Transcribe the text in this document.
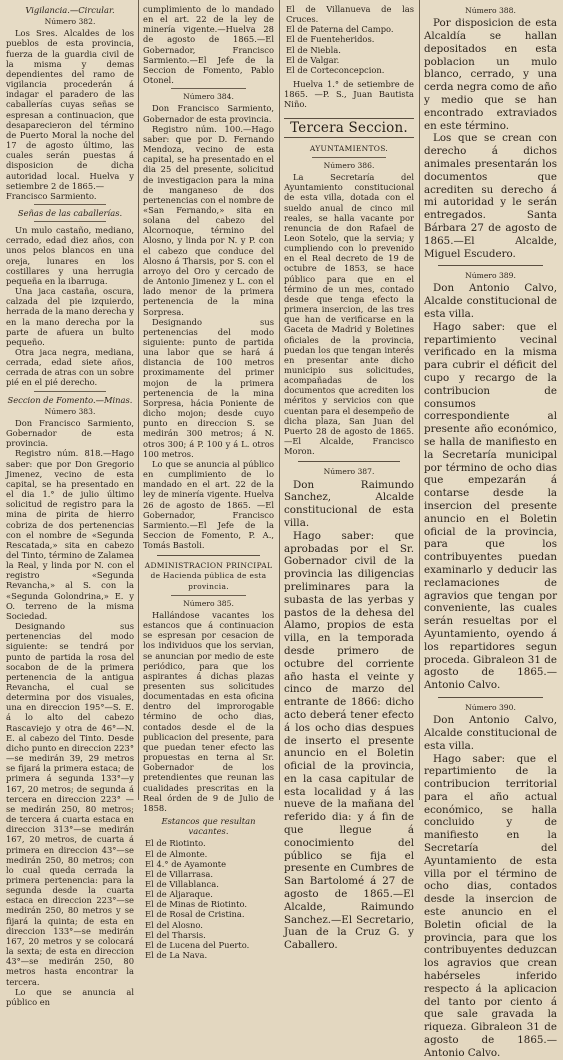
Vigilancia.—Circular.
Número 382.

Los Sres. Alcaldes de los pueblos de esta provincia, fuerza de la guardia civil de la misma y demas dependientes del ramo de vigilancia procederán á indagar el paradero de las caballerías cuyas señas se espresan a continuacion, que desaparecieron del término de Puerto Moral la noche del 17 de agosto último, las cuales serán puestas á disposicion de dicha autoridad local. Huelva y setiembre 2 de 1865.—

Francisco Sarmiento.

Señas de las caballerías.

Un mulo castaño, mediano, cerrado, edad diez años, con unos pelos blancos en una oreja, lunares en los costillares y una herrugia pequeña en la ibarruga.

Una jaca castaña, oscura, calzada del pie izquierdo, herrada de la mano derecha y en la mano derecha por la parte de afuera un bulto pequeño.

Otra jaca negra, mediana, cerrada, edad siete años, cerrada de atras con un sobre pié en el pié derecho.

Seccion de Fomento.—Minas.
Número 383.

Don Francisco Sarmiento, Gobernador de esta provincia.

Registro núm. 818.—Hago saber: que por Don Gregorio Jimenez, vecino de esta capital, se ha presentado en el dia 1.° de julio último solicitud de registro para la mina de pirita de hierro cobriza de dos pertenencias con el nombre de «Segunda Rescatada,» sita en cabezo del Tinto, término de Zalamea la Real, y linda por N. con el registro «Segunda Revancha,» al S. con la «Segunda Golondrina,» E. y O. terreno de la misma Sociedad.

Designando sus pertenencias del modo siguiente: se tendrá por punto de partida la rosa del socabon de de la primera pertenencia de la antigua Revancha, el cual se determina por dos visuales, una en direccion 195°—S. E. á lo alto del cabezo Rascaviejo y otra de 46°—N. E. al cabezo del Tinto. Desde dicho punto en direccion 223°—se medirán 39, 29 metros se fijará la primera estaca; de primera á segunda 133°—y 167, 20 metros; de segunda á tercera en direccion 223° —se medirán 250, 80 metros; de tercera á cuarta estaca en direccion 313°—se medirán 167, 20 metros, de cuarta á primera en direccion 43°—se medirán 250, 80 metros; con lo cual queda cerrada la primera pertenencia: para la segunda desde la cuarta estaca en direccion 223°—se medirán 250, 80 metros y se fijará la quinta; de esta en direccion 133°—se medirán 167, 20 metros y se colocará la sexta; de esta en direccion 43°—se medirán 250, 80 metros hasta encontrar la tercera.

Lo que se anuncia al público en

cumplimiento de lo mandado en el art. 22 de la ley de minería vigente.—Huelva 28 de agosto de 1865.—El Gobernador, Francisco Sarmiento.—El Jefe de la Seccion de Fomento, Pablo Otonel.

Número 384.

Don Francisco Sarmiento, Gobernador de esta provincia.

Registro núm. 100.—Hago saber: que por D. Fernando Mendoza, vecino de esta capital, se ha presentado en el dia 25 del presente, solicitud de investigacion para la mina de manganeso de dos pertenencias con el nombre de «San Fernando,» sita en solana del cabezo del Alcornoque, término del Alosno, y linda por N. y P. con el cabezo que conduce del Alosno á Tharsis, por S. con el arroyo del Oro y cercado de de Antonio Jimenez y L. con el lado menor de la primera pertenencia de la mina Sorpresa.

Designando sus pertenencias del modo siguiente: punto de partida una labor que se hará á distancia de 100 metros proximamente del primer mojon de la primera pertenencia de la mina Sorpresa, hácia Poniente de dicho mojon; desde cuyo punto en direccion S. se medirán 300 metros; á N. otros 300; á P. 100 y á L. otros 100 metros.

Lo que se anuncia al público en cumplimiento de lo mandado en el art. 22 de la ley de minería vigente. Huelva 26 de agosto de 1865. —El Gobernador, Francisco Sarmiento.—El Jefe de la Seccion de Fomento, P. A., Tomás Bastoli.

ADMINISTRACION PRINCIPAL de Hacienda pública de esta provincia.
Número 385.

Hallándose vacantes los estancos que á continuacion se espresan por cesacion de los individuos que los servian, se anuncian por medio de este periódico, para que los aspirantes á dichas plazas presenten sus solicitudes documentadas en esta oficina dentro del improrogable término de ocho dias, contados desde el de la publicacion del presente, para que puedan tener efecto las propuestas en terna al Sr. Gobernador de los pretendientes que reunan las cualidades prescritas en la Real órden de 9 de Julio de 1858.

Estancos que resultan vacantes.
El de Riotinto.
El de Almonte.
El 4.° de Ayamonte
El de Villarrasa.
El de Villablanca.
El de Aljaraque.
El de Minas de Riotinto.
El de Rosal de Cristina.
El del Alosno.
El del Tharsis.
El de Lucena del Puerto.
El de La Nava.
El de Villanueva de las Cruces.
El de Paterna del Campo.
El de Fuenteheridos.
El de Niebla.
El de Valgar.
El de Corteconcepcion.

Huelva 1.° de setiembre de 1865. —P. S., Juan Bautista Niño.

Tercera Seccion.
AYUNTAMIENTOS.
Número 386.

La Secretaría del Ayuntamiento constitucional de esta villa, dotada con el sueldo anual de cinco mil reales, se halla vacante por renuncia de don Rafael de Leon Sotelo, que la servia; y cumpliendo con lo prevenido en el Real decreto de 19 de octubre de 1853, se hace público para que en el término de un mes, contado desde que tenga efecto la primera insercion, de las tres que han de verificarse en la Gaceta de Madrid y Boletines oficiales de la provincia, puedan los que tengan interés en presentar ante dicho municipio sus solicitudes, acompañadas de los documentos que acrediten los méritos y servicios con que cuentan para el desempeño de dicha plaza, San Juan del Puerto 28 de agosto de 1865.—El Alcalde, Francisco Moron.

Número 387.

Don Raimundo Sanchez, Alcalde constitucional de esta villa.

Hago saber: que aprobadas por el Sr. Gobernador civil de la provincia las diligencias preliminares para la subasta de las yerbas y pastos de la dehesa del Alamo, propios de esta villa, en la temporada desde primero de octubre del corriente año hasta el veinte y cinco de marzo del entrante de 1866: dicho acto deberá tener efecto á los ocho dias despues de inserto el presente anuncio en el Boletin oficial de la provincia, en la casa capitular de esta localidad y á las nueve de la mañana del referido dia: y á fin de que llegue á conocimiento del público se fija el presente en Cumbres de San Bartolomé á 27 de agosto de 1865.—El Alcalde, Raimundo Sanchez.—El Secretario, Juan de la Cruz G. y Caballero.

Número 388.

Por disposicion de esta Alcaldía se hallan depositados en esta poblacion un mulo blanco, cerrado, y una cerda negra como de año y medio que se han encontrado extraviados en este término.

Los que se crean con derecho á dichos animales presentarán los documentos que acrediten su derecho á mi autoridad y le serán entregados. Santa Bárbara 27 de agosto de 1865.—El Alcalde, Miguel Escudero.

Número 389.

Don Antonio Calvo, Alcalde constitucional de esta villa.

Hago saber: que el repartimiento vecinal verificado en la misma para cubrir el déficit del cupo y recargo de la contribucion de consumos correspondiente al presente año económico, se halla de manifiesto en la Secretaría municipal por término de ocho dias que empezarán á contarse desde la insercion del presente anuncio en el Boletin oficial de la provincia, para que los contribuyentes puedan examinarlo y deducir las reclamaciones de agravios que tengan por conveniente, las cuales serán resueltas por el Ayuntamiento, oyendo á los repartidores segun proceda. Gibraleon 31 de agosto de 1865.—Antonio Calvo.

Número 390.

Don Antonio Calvo, Alcalde constitucional de esta villa.

Hago saber: que el repartimiento de la contribucion territorial para el año actual económico, se halla concluido y de manifiesto en la Secretaría del Ayuntamiento de esta villa por el término de ocho dias, contados desde la insercion de este anuncio en el Boletin oficial de la provincia, para que los contribuyentes deduzcan los agravios que crean habérseles inferido respecto á la aplicacion del tanto por ciento á que sale gravada la riqueza. Gibraleon 31 de agosto de 1865.—Antonio Calvo.
